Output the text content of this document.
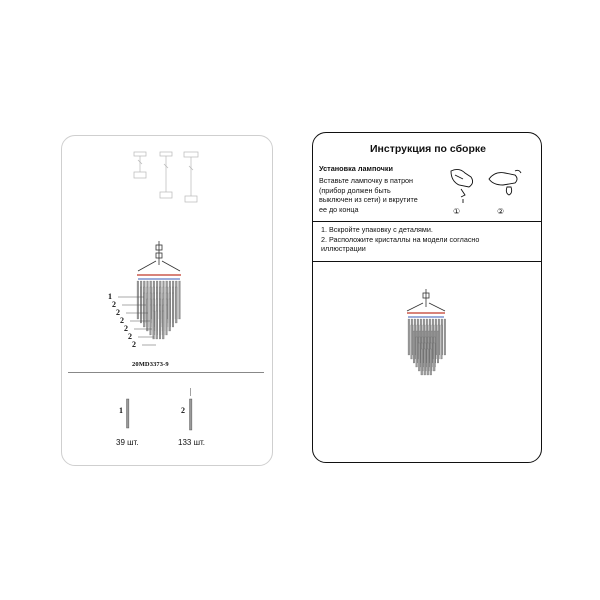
1
2
2
2
2
2
2
20MD3373-9
1
39 шт.
2
133 шт.
Инструкция по сборке
Установка лампочки
Вставьте лампочку в патрон
(прибор должен быть
выключен из сети) и вкрутите
ее до конца	①	②
1. Вскройте упаковку с деталями.
2. Расположите кристаллы на модели согласно
иллюстрации
